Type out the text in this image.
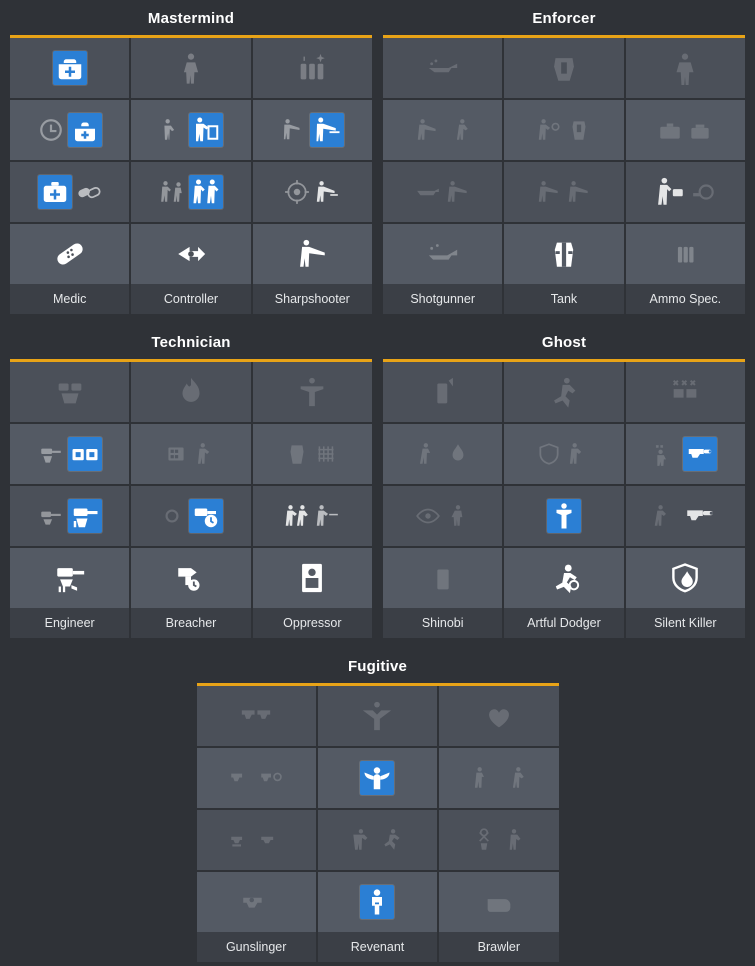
Mastermind
Medic	Controller	Sharpshooter
Enforcer
Shotgunner	Tank	Ammo Spec.
Technician
Engineer	Breacher	Oppressor
Ghost
Shinobi	Artful Dodger	Silent Killer
Fugitive
Gunslinger	Revenant	Brawler
